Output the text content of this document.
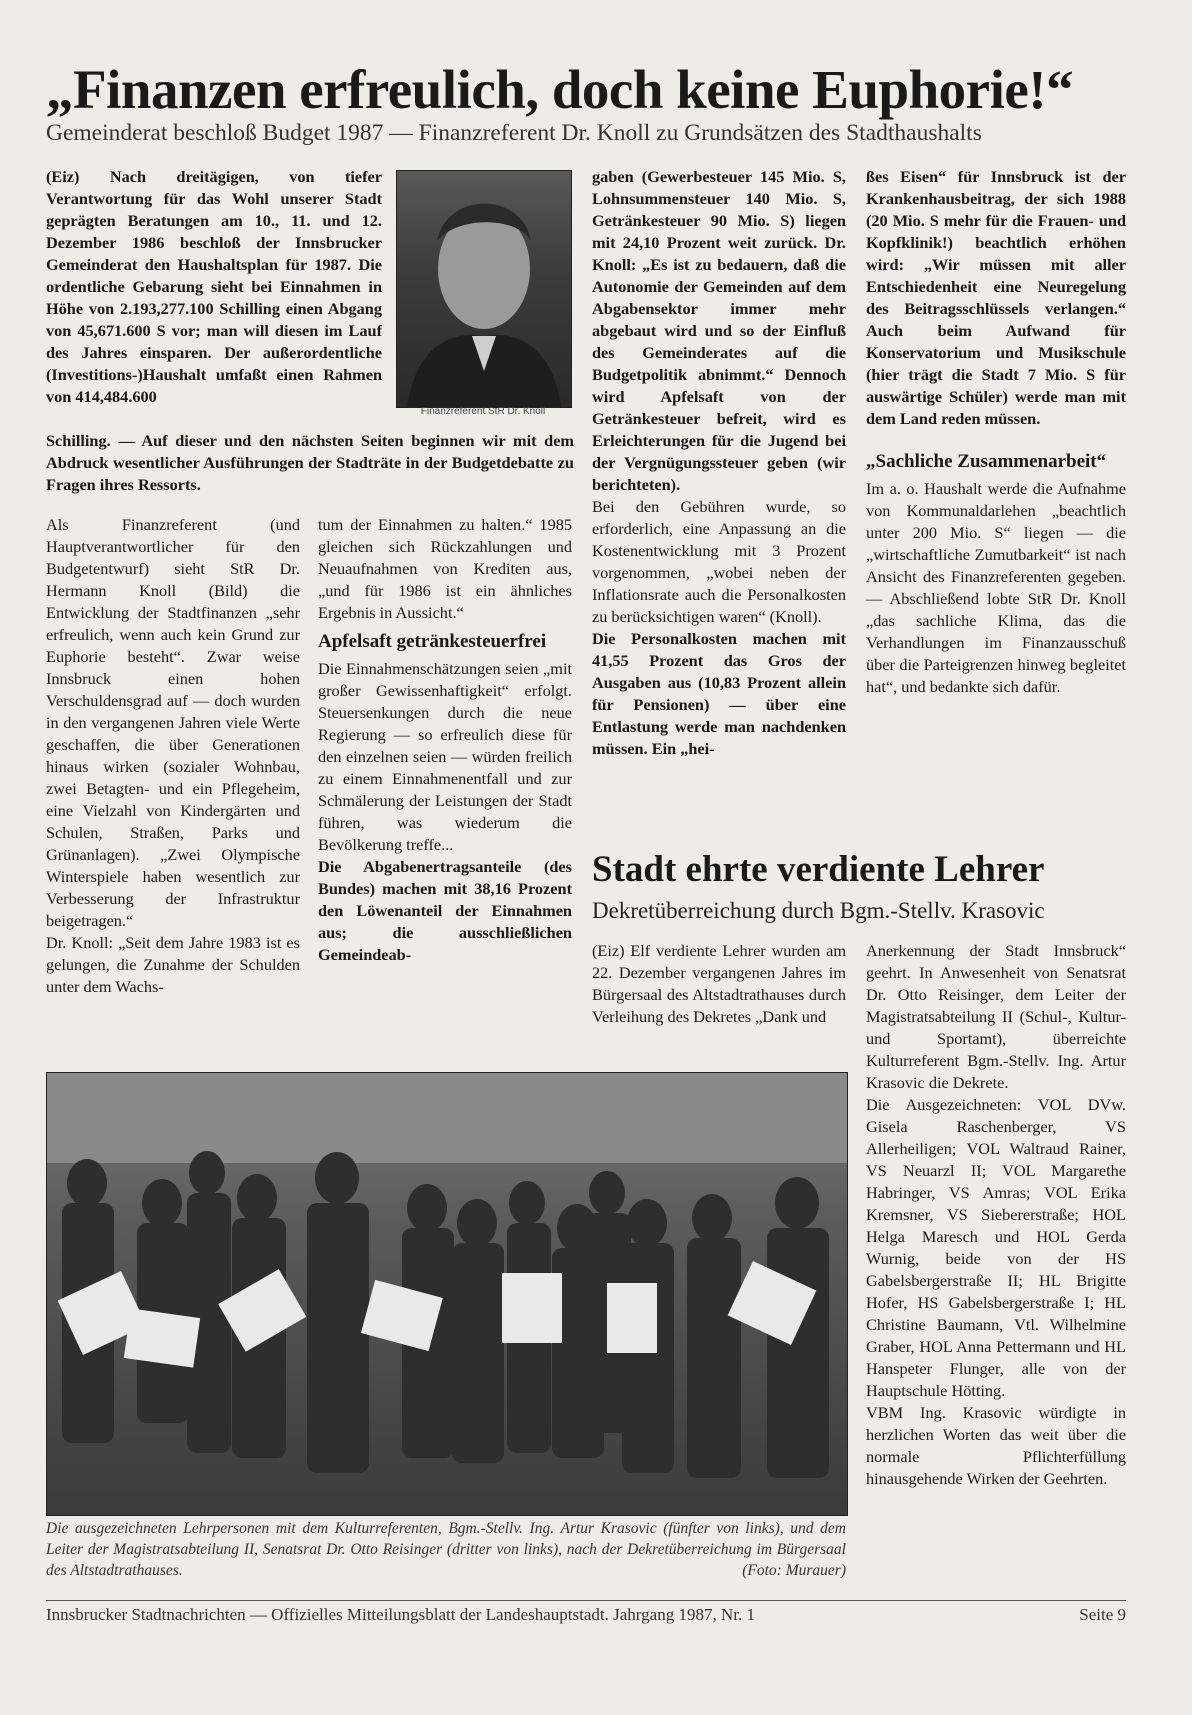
„Finanzen erfreulich, doch keine Euphorie!“
Gemeinderat beschloß Budget 1987 — Finanzreferent Dr. Knoll zu Grundsätzen des Stadthaushalts

(Eiz) Nach dreitägigen, von tiefer Verantwortung für das Wohl unserer Stadt geprägten Beratungen am 10., 11. und 12. Dezember 1986 beschloß der Innsbrucker Gemeinderat den Haushaltsplan für 1987. Die ordentliche Gebarung sieht bei Einnahmen in Höhe von 2.193,277.100 Schilling einen Abgang von 45,671.600 S vor; man will diesen im Lauf des Jahres einsparen. Der außerordentliche (Investitions-)Haushalt umfaßt einen Rahmen von 414,484.600

Finanzreferent StR Dr. Knoll

Schilling. — Auf dieser und den nächsten Seiten beginnen wir mit dem Abdruck wesentlicher Ausführungen der Stadträte in der Budgetdebatte zu Fragen ihres Ressorts.

Als Finanzreferent (und Hauptverantwortlicher für den Budgetentwurf) sieht StR Dr. Hermann Knoll (Bild) die Entwicklung der Stadtfinanzen „sehr erfreulich, wenn auch kein Grund zur Euphorie besteht“. Zwar weise Innsbruck einen hohen Verschuldensgrad auf — doch wurden in den vergangenen Jahren viele Werte geschaffen, die über Generationen hinaus wirken (sozialer Wohnbau, zwei Betagten- und ein Pflegeheim, eine Vielzahl von Kindergärten und Schulen, Straßen, Parks und Grünanlagen). „Zwei Olympische Winterspiele haben wesentlich zur Verbesserung der Infrastruktur beigetragen.“

Dr. Knoll: „Seit dem Jahre 1983 ist es gelungen, die Zunahme der Schulden unter dem Wachs-

tum der Einnahmen zu halten.“ 1985 gleichen sich Rückzahlungen und Neuaufnahmen von Krediten aus, „und für 1986 ist ein ähnliches Ergebnis in Aussicht.“

Apfelsaft getränkesteuerfrei

Die Einnahmenschätzungen seien „mit großer Gewissenhaftigkeit“ erfolgt. Steuersenkungen durch die neue Regierung — so erfreulich diese für den einzelnen seien — würden freilich zu einem Einnahmenentfall und zur Schmälerung der Leistungen der Stadt führen, was wiederum die Bevölkerung treffe...

Die Abgabenertragsanteile (des Bundes) machen mit 38,16 Prozent den Löwenanteil der Einnahmen aus; die ausschließlichen Gemeindeab-

gaben (Gewerbesteuer 145 Mio. S, Lohnsummensteuer 140 Mio. S, Getränkesteuer 90 Mio. S) liegen mit 24,10 Prozent weit zurück. Dr. Knoll: „Es ist zu bedauern, daß die Autonomie der Gemeinden auf dem Abgabensektor immer mehr abgebaut wird und so der Einfluß des Gemeinderates auf die Budgetpolitik abnimmt.“ Dennoch wird Apfelsaft von der Getränkesteuer befreit, wird es Erleichterungen für die Jugend bei der Vergnügungssteuer geben (wir berichteten).

Bei den Gebühren wurde, so erforderlich, eine Anpassung an die Kostenentwicklung mit 3 Prozent vorgenommen, „wobei neben der Inflationsrate auch die Personalkosten zu berücksichtigen waren“ (Knoll).

Die Personalkosten machen mit 41,55 Prozent das Gros der Ausgaben aus (10,83 Prozent allein für Pensionen) — über eine Entlastung werde man nachdenken müssen. Ein „hei-

ßes Eisen“ für Innsbruck ist der Krankenhausbeitrag, der sich 1988 (20 Mio. S mehr für die Frauen- und Kopfklinik!) beachtlich erhöhen wird: „Wir müssen mit aller Entschiedenheit eine Neuregelung des Beitragsschlüssels verlangen.“ Auch beim Aufwand für Konservatorium und Musikschule (hier trägt die Stadt 7 Mio. S für auswärtige Schüler) werde man mit dem Land reden müssen.

„Sachliche Zusammenarbeit“

Im a. o. Haushalt werde die Aufnahme von Kommunaldarlehen „beachtlich unter 200 Mio. S“ liegen — die „wirtschaftliche Zumutbarkeit“ ist nach Ansicht des Finanzreferenten gegeben. — Abschließend lobte StR Dr. Knoll „das sachliche Klima, das die Verhandlungen im Finanzausschuß über die Parteigrenzen hinweg begleitet hat“, und bedankte sich dafür.

Stadt ehrte verdiente Lehrer
Dekretüberreichung durch Bgm.-Stellv. Krasovic

(Eiz) Elf verdiente Lehrer wurden am 22. Dezember vergangenen Jahres im Bürgersaal des Altstadtrathauses durch Verleihung des Dekretes „Dank und

Anerkennung der Stadt Innsbruck“ geehrt. In Anwesenheit von Senatsrat Dr. Otto Reisinger, dem Leiter der Magistratsabteilung II (Schul-, Kultur- und Sportamt), überreichte Kulturreferent Bgm.-Stellv. Ing. Artur Krasovic die Dekrete.

Die Ausgezeichneten: VOL DVw. Gisela Raschenberger, VS Allerheiligen; VOL Waltraud Rainer, VS Neuarzl II; VOL Margarethe Habringer, VS Amras; VOL Erika Kremsner, VS Siebererstraße; HOL Helga Maresch und HOL Gerda Wurnig, beide von der HS Gabelsbergerstraße II; HL Brigitte Hofer, HS Gabelsbergerstraße I; HL Christine Baumann, Vtl. Wilhelmine Graber, HOL Anna Pettermann und HL Hanspeter Flunger, alle von der Hauptschule Hötting.

VBM Ing. Krasovic würdigte in herzlichen Worten das weit über die normale Pflichterfüllung hinausgehende Wirken der Geehrten.

Die ausgezeichneten Lehrpersonen mit dem Kulturreferenten, Bgm.-Stellv. Ing. Artur Krasovic (fünfter von links), und dem Leiter der Magistratsabteilung II, Senatsrat Dr. Otto Reisinger (dritter von links), nach der Dekretüberreichung im Bürgersaal des Altstadtrathauses.	(Foto: Murauer)
Innsbrucker Stadtnachrichten — Offizielles Mitteilungsblatt der Landeshauptstadt. Jahrgang 1987, Nr. 1	Seite 9
